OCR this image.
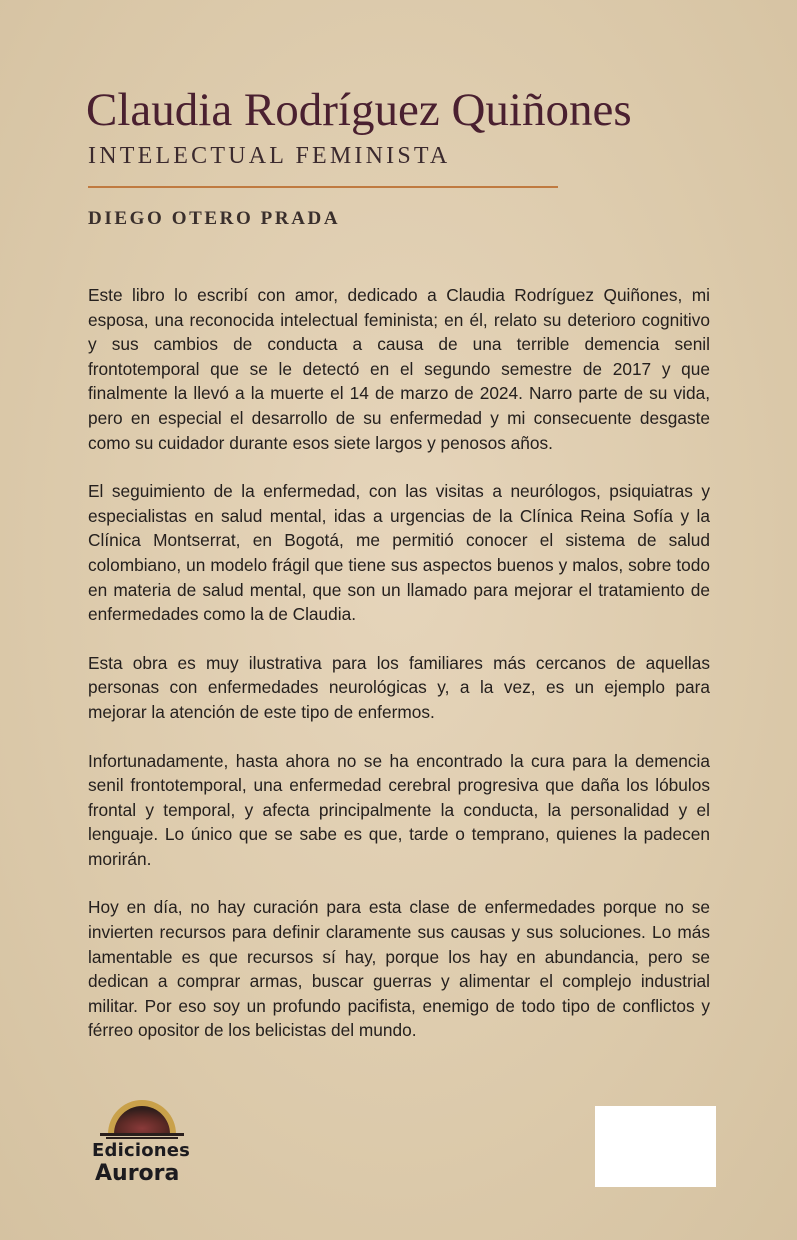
Claudia Rodríguez Quiñones
INTELECTUAL FEMINISTA
DIEGO OTERO PRADA

Este libro lo escribí con amor, dedicado a Claudia Rodríguez Quiñones, mi esposa, una reconocida intelectual feminista; en él, relato su deterioro cognitivo y sus cambios de conducta a causa de una terrible demencia senil frontotemporal que se le detectó en el segundo semestre de 2017 y que finalmente la llevó a la muerte el 14 de marzo de 2024. Narro parte de su vida, pero en especial el desarrollo de su enfermedad y mi consecuente desgaste como su cuidador durante esos siete largos y penosos años.

El seguimiento de la enfermedad, con las visitas a neurólogos, psiquiatras y especialistas en salud mental, idas a urgencias de la Clínica Reina Sofía y la Clínica Montserrat, en Bogotá, me permitió conocer el sistema de salud colombiano, un modelo frágil que tiene sus aspectos buenos y malos, sobre todo en materia de salud mental, que son un llamado para mejorar el tratamiento de enfermedades como la de Claudia.

Esta obra es muy ilustrativa para los familiares más cercanos de aquellas personas con enfermedades neurológicas y, a la vez, es un ejemplo para mejorar la atención de este tipo de enfermos.

Infortunadamente, hasta ahora no se ha encontrado la cura para la demencia senil frontotemporal, una enfermedad cerebral progresiva que daña los lóbulos frontal y temporal, y afecta principalmente la conducta, la personalidad y el lenguaje. Lo único que se sabe es que, tarde o temprano, quienes la padecen morirán.

Hoy en día, no hay curación para esta clase de enfermedades porque no se invierten recursos para definir claramente sus causas y sus soluciones. Lo más lamentable es que recursos sí hay, porque los hay en abundancia, pero se dedican a comprar armas, buscar guerras y alimentar el complejo industrial militar. Por eso soy un profundo pacifista, enemigo de todo tipo de conflictos y férreo opositor de los belicistas del mundo.

Ediciones
Aurora
